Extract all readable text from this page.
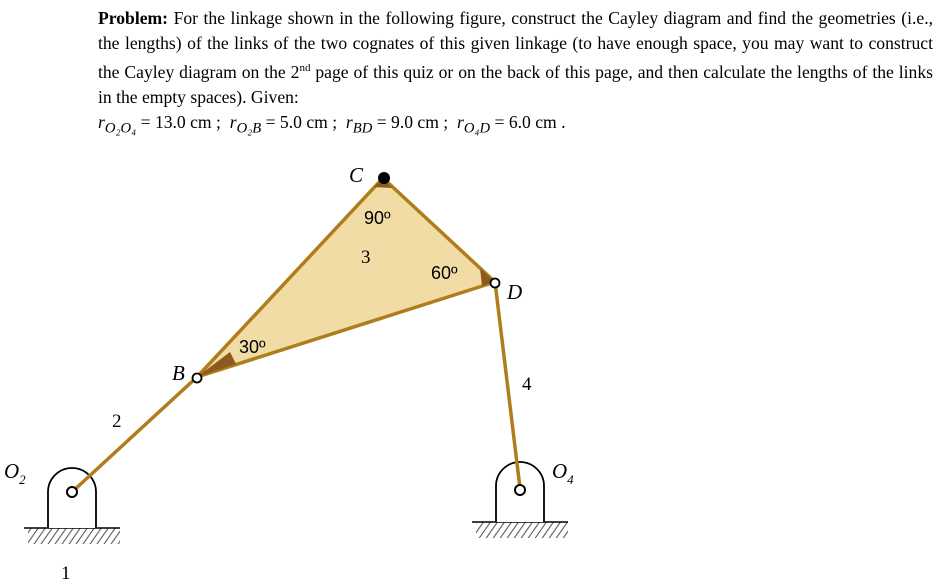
Problem: For the linkage shown in the following figure, construct the Cayley diagram and find the geometries (i.e., the lengths) of the links of the two cognates of this given linkage (to have enough space, you may want to construct the Cayley diagram on the 2nd page of this quiz or on the back of this page, and then calculate the lengths of the links in the empty spaces). Given:

$r_{O_2O_4} = 13.0$ cm ; $r_{O_2B} = 5.0$ cm ; $r_{BD} = 9.0$ cm ; $r_{O_4D} = 6.0$ cm .

C
D
B
$O_2$	$O_4$
90º
60º
30º
3
2
4
1
